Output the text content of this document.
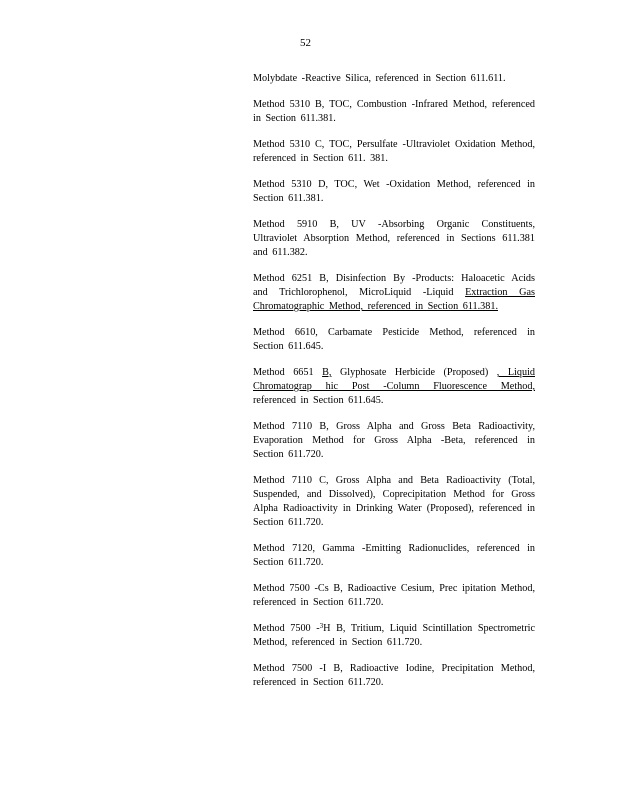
52

Molybdate -Reactive Silica, referenced in Section 611.611.

Method 5310 B, TOC, Combustion -Infrared Method, referenced in Section 611.381.

Method 5310 C, TOC, Persulfate -Ultraviolet Oxidation Method, referenced in Section 611. 381.

Method 5310 D, TOC, Wet -Oxidation Method, referenced in Section 611.381.

Method 5910 B, UV -Absorbing Organic Constituents, Ultraviolet Absorption Method, referenced in Sections 611.381 and 611.382.

Method 6251 B, Disinfection By -Products: Haloacetic Acids and Trichlorophenol, MicroLiquid -Liquid Extraction Gas Chromatographic Method, referenced in Section 611.381.

Method 6610, Carbamate Pesticide Method, referenced in Section 611.645.

Method 6651 B, Glyphosate Herbicide (Proposed) , Liquid Chromatograp hic Post -Column Fluorescence Method, referenced in Section 611.645.

Method 7110 B, Gross Alpha and Gross Beta Radioactivity, Evaporation Method for Gross Alpha -Beta, referenced in Section 611.720.

Method 7110 C, Gross Alpha and Beta Radioactivity (Total, Suspended, and Dissolved), Coprecipitation Method for Gross Alpha Radioactivity in Drinking Water (Proposed), referenced in Section 611.720.

Method 7120, Gamma -Emitting Radionuclides, referenced in Section 611.720.

Method 7500 -Cs B, Radioactive Cesium, Prec ipitation Method, referenced in Section 611.720.

Method 7500 -$^3$H B, Tritium, Liquid Scintillation Spectrometric Method, referenced in Section 611.720.

Method 7500 -I B, Radioactive Iodine, Precipitation Method, referenced in Section 611.720.
